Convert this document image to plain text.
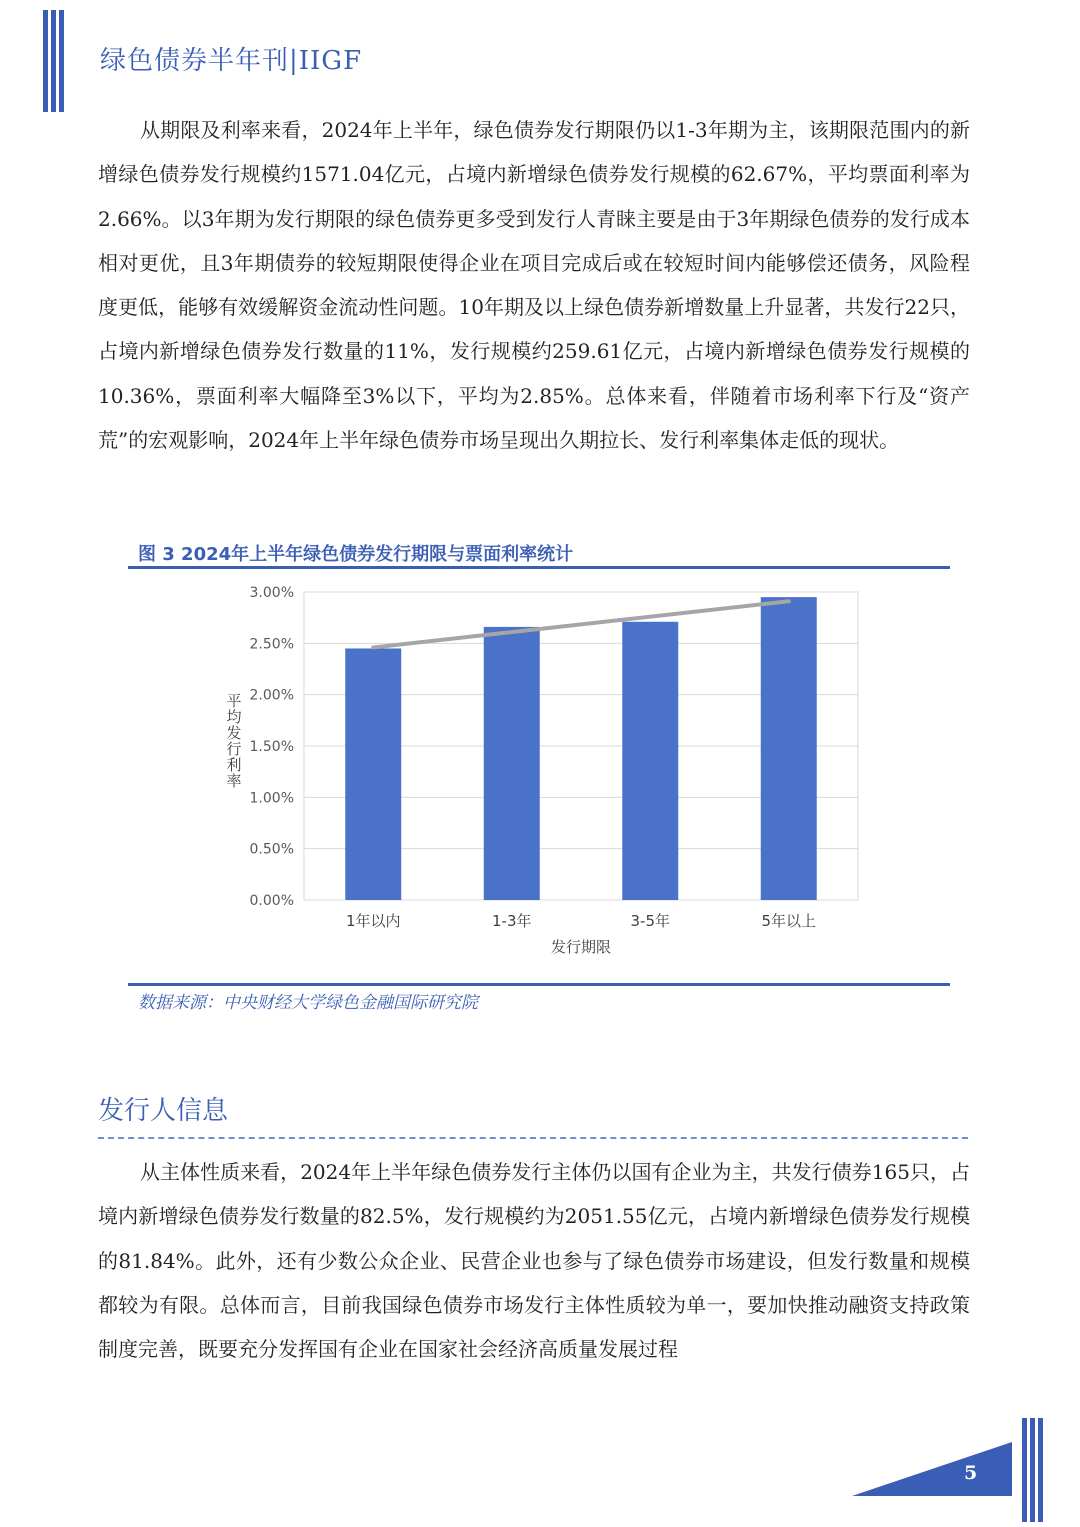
绿色债券半年刊|IIGF

从期限及利率来看，2024年上半年，绿色债券发行期限仍以1-3年期为主，该期限范围内的新增绿色债券发行规模约1571.04亿元，占境内新增绿色债券发行规模的62.67%，平均票面利率为2.66%。以3年期为发行期限的绿色债券更多受到发行人青睐主要是由于3年期绿色债券的发行成本相对更优，且3年期债券的较短期限使得企业在项目完成后或在较短时间内能够偿还债务，风险程度更低，能够有效缓解资金流动性问题。10年期及以上绿色债券新增数量上升显著，共发行22只，占境内新增绿色债券发行数量的11%，发行规模约259.61亿元，占境内新增绿色债券发行规模的10.36%，票面利率大幅降至3%以下，平均为2.85%。总体来看，伴随着市场利率下行及“资产荒”的宏观影响，2024年上半年绿色债券市场呈现出久期拉长、发行利率集体走低的现状。

图 3 2024年上半年绿色债券发行期限与票面利率统计
0.00%
0.50%
1.00%
1.50%
2.00%
2.50%
3.00%
1年以内	1-3年	3-5年	5年以上
发行期限
平均发行利率
数据来源：中央财经大学绿色金融国际研究院
发行人信息

从主体性质来看，2024年上半年绿色债券发行主体仍以国有企业为主，共发行债券165只，占境内新增绿色债券发行数量的82.5%，发行规模约为2051.55亿元，占境内新增绿色债券发行规模的81.84%。此外，还有少数公众企业、民营企业也参与了绿色债券市场建设，但发行数量和规模都较为有限。总体而言，目前我国绿色债券市场发行主体性质较为单一，要加快推动融资支持政策制度完善，既要充分发挥国有企业在国家社会经济高质量发展过程

5
